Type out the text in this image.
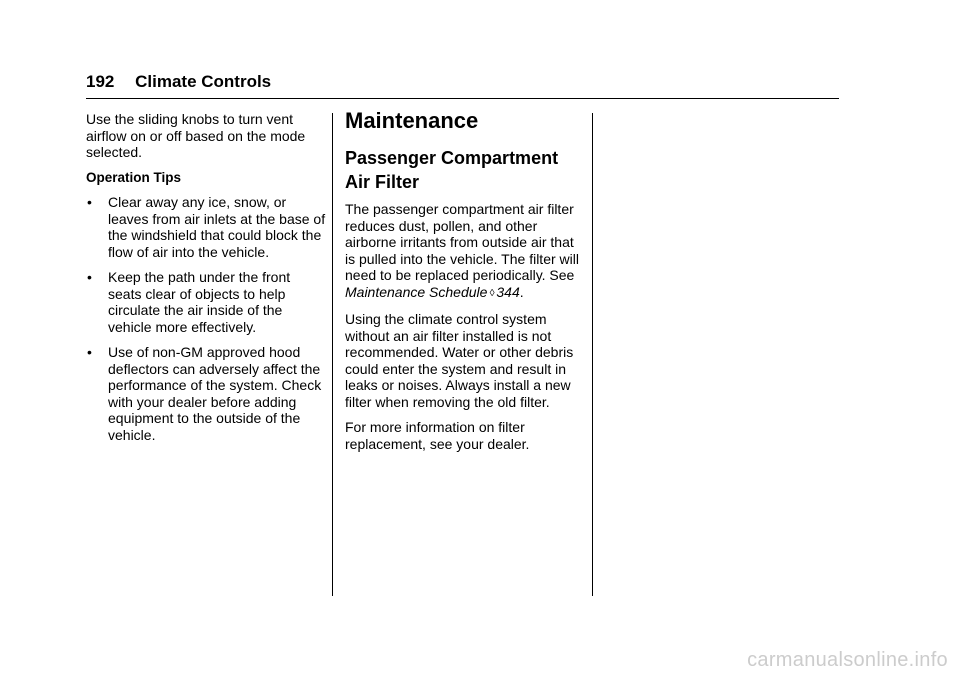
192 Climate Controls

Use the sliding knobs to turn vent airflow on or off based on the mode selected.

Operation Tips
• Clear away any ice, snow, or leaves from air inlets at the base of the windshield that could block the flow of air into the vehicle.
• Keep the path under the front seats clear of objects to help circulate the air inside of the vehicle more effectively.
• Use of non-GM approved hood deflectors can adversely affect the performance of the system. Check with your dealer before adding equipment to the outside of the vehicle.
Maintenance
Passenger Compartment Air Filter

The passenger compartment air filter reduces dust, pollen, and other airborne irritants from outside air that is pulled into the vehicle. The filter will need to be replaced periodically. See Maintenance Schedule ◊ 344.

Using the climate control system without an air filter installed is not recommended. Water or other debris could enter the system and result in leaks or noises. Always install a new filter when removing the old filter.

For more information on filter replacement, see your dealer.

carmanualsonline.info
